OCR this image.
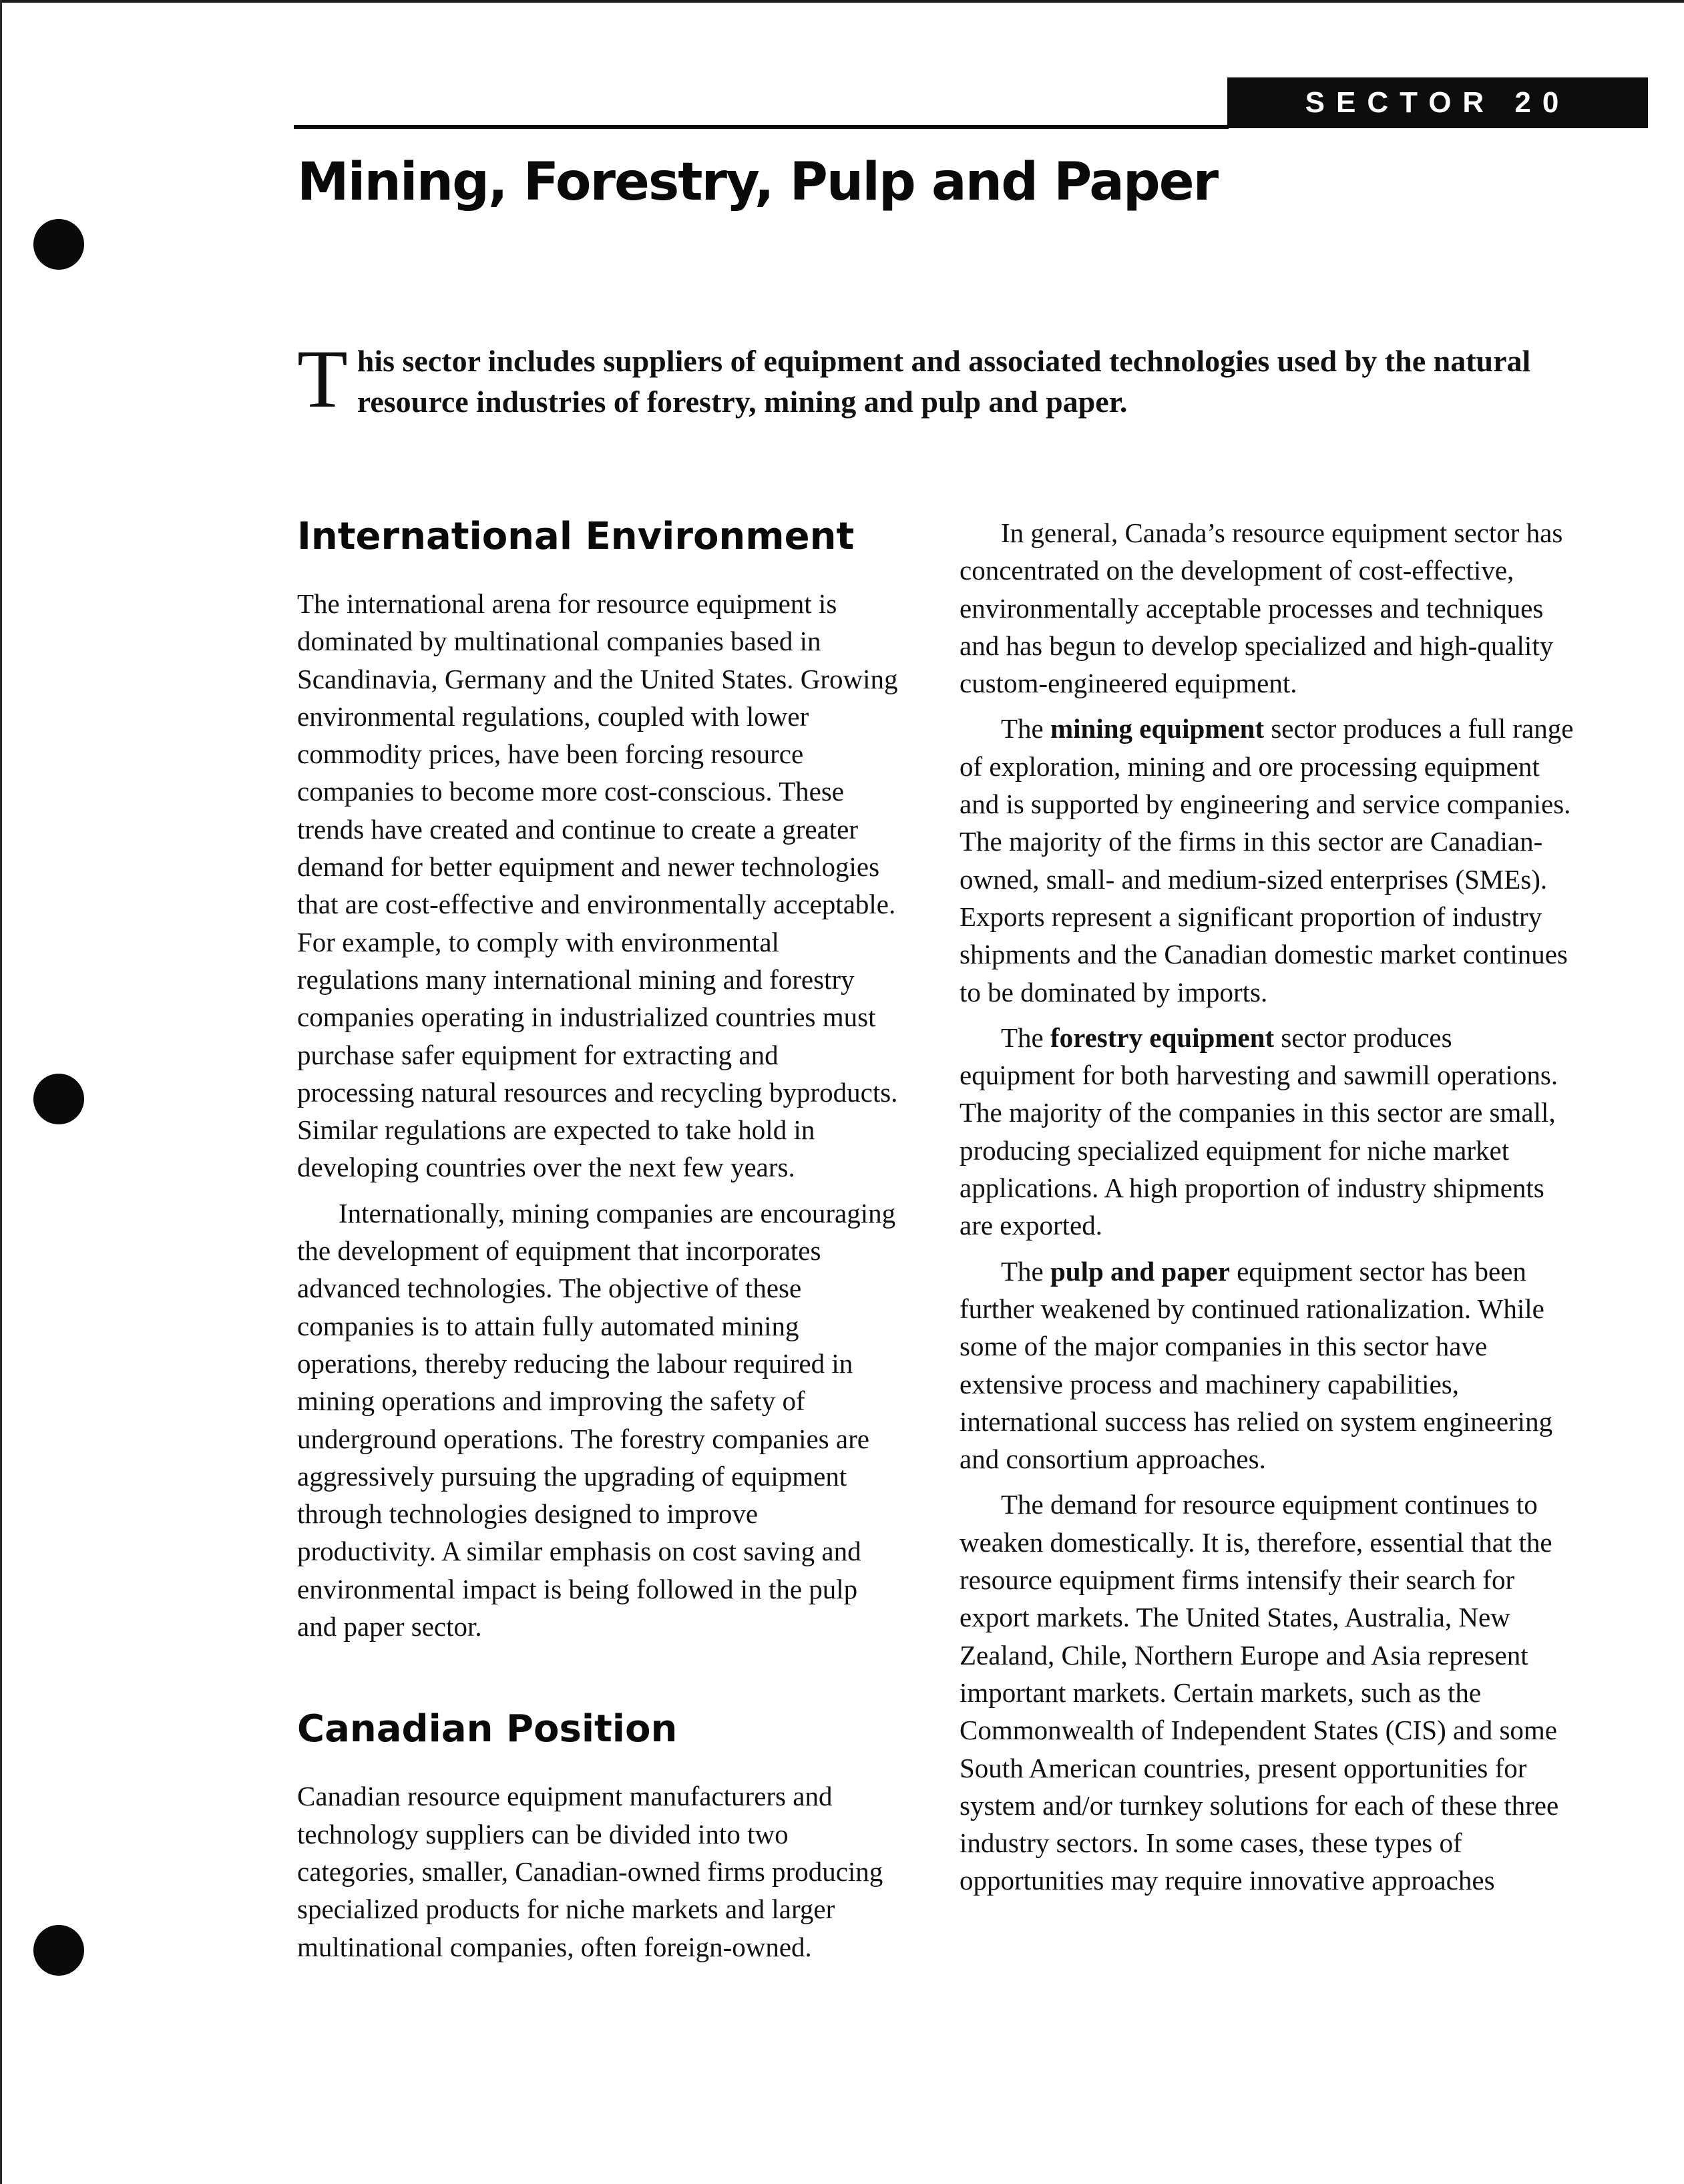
SECTOR 20
Mining, Forestry, Pulp and Paper

This sector includes suppliers of equipment and associated technologies used by the natural resource industries of forestry, mining and pulp and paper.

International Environment

The international arena for resource equipment is dominated by multinational companies based in Scandinavia, Germany and the United States. Growing environmental regulations, coupled with lower commodity prices, have been forcing resource companies to become more cost-conscious. These trends have created and continue to create a greater demand for better equipment and newer technologies that are cost-effective and environmentally acceptable. For example, to comply with environmental regulations many international mining and forestry companies operating in industrialized countries must purchase safer equipment for extracting and processing natural resources and recycling byproducts. Similar regulations are expected to take hold in developing countries over the next few years.

Internationally, mining companies are encouraging the development of equipment that incorporates advanced technologies. The objective of these companies is to attain fully automated mining operations, thereby reducing the labour required in mining operations and improving the safety of underground operations. The forestry companies are aggressively pursuing the upgrading of equipment through technologies designed to improve productivity. A similar emphasis on cost saving and environmental impact is being followed in the pulp and paper sector.

Canadian Position

Canadian resource equipment manufacturers and technology suppliers can be divided into two categories, smaller, Canadian-owned firms producing specialized products for niche markets and larger multinational companies, often foreign-owned.

In general, Canada’s resource equipment sector has concentrated on the development of cost-effective, environmentally acceptable processes and techniques and has begun to develop specialized and high-quality custom-engineered equipment.

The mining equipment sector produces a full range of exploration, mining and ore processing equipment and is supported by engineering and service companies. The majority of the firms in this sector are Canadian-owned, small- and medium-sized enterprises (SMEs). Exports represent a significant proportion of industry shipments and the Canadian domestic market continues to be dominated by imports.

The forestry equipment sector produces equipment for both harvesting and sawmill operations. The majority of the companies in this sector are small, producing specialized equipment for niche market applications. A high proportion of industry shipments are exported.

The pulp and paper equipment sector has been further weakened by continued rationalization. While some of the major companies in this sector have extensive process and machinery capabilities, international success has relied on system engineering and consortium approaches.

The demand for resource equipment continues to weaken domestically. It is, therefore, essential that the resource equipment firms intensify their search for export markets. The United States, Australia, New Zealand, Chile, Northern Europe and Asia represent important markets. Certain markets, such as the Commonwealth of Independent States (CIS) and some South American countries, present opportunities for system and/or turnkey solutions for each of these three industry sectors. In some cases, these types of opportunities may require innovative approaches
